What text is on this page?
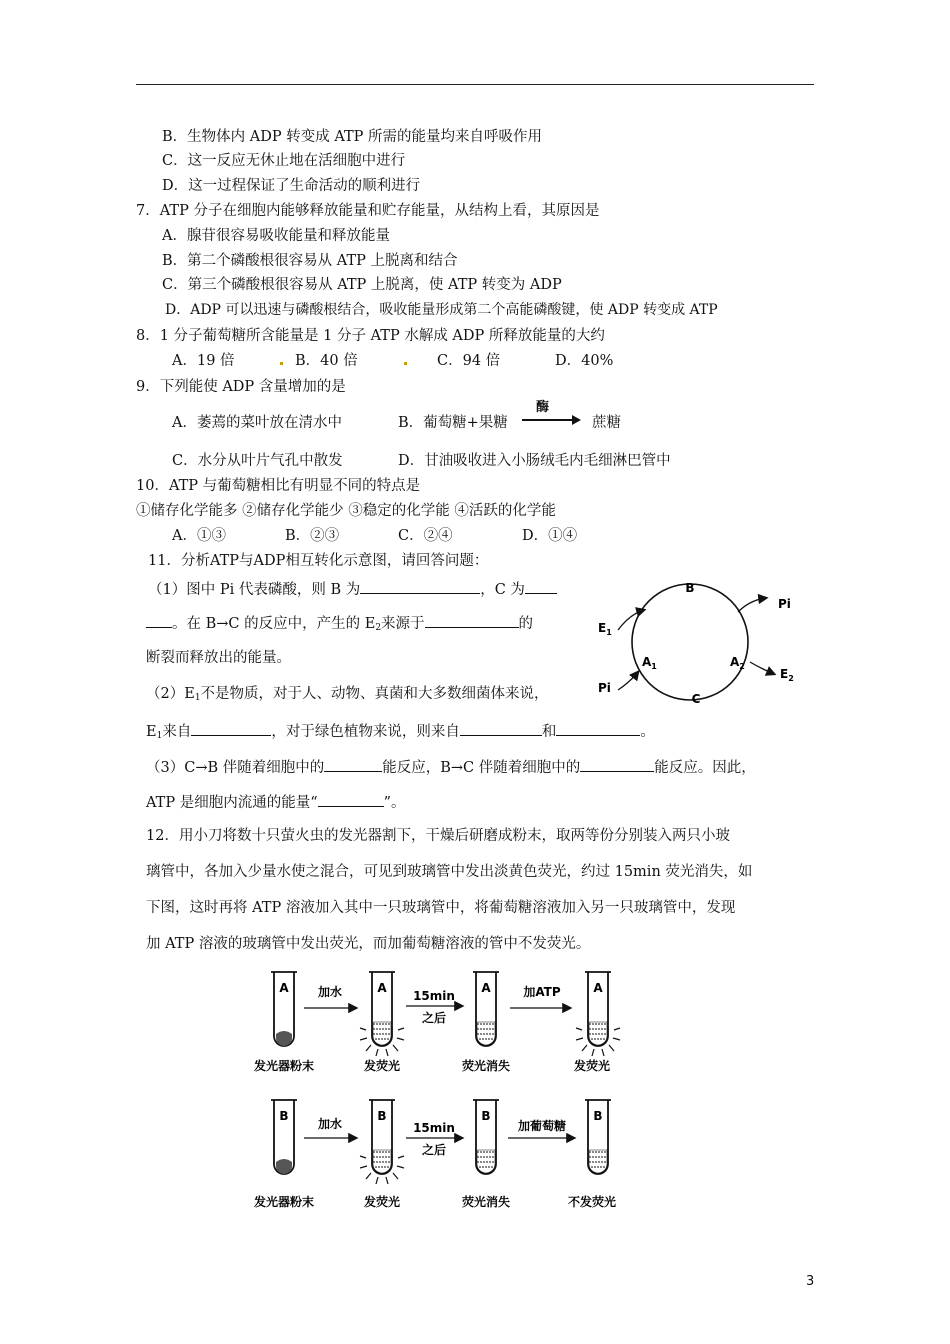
B．生物体内 ADP 转变成 ATP 所需的能量均来自呼吸作用
C．这一反应无休止地在活细胞中进行
D．这一过程保证了生命活动的顺利进行
7．ATP 分子在细胞内能够释放能量和贮存能量，从结构上看，其原因是
A．腺苷很容易吸收能量和释放能量
B．第二个磷酸根很容易从 ATP 上脱离和结合
C．第三个磷酸根很容易从 ATP 上脱离，使 ATP 转变为 ADP
D．ADP 可以迅速与磷酸根结合，吸收能量形成第二个高能磷酸键，使 ADP 转变成 ATP
8．1 分子葡萄糖所含能量是 1 分子 ATP 水解成 ADP 所释放能量的大约
A．19 倍	B．40 倍	C．94 倍	D．40%
9．下列能使 ADP 含量增加的是
A．萎蔫的菜叶放在清水中	B．葡萄糖+果糖
酶
→ 蔗糖
C．水分从叶片气孔中散发	D．甘油吸收进入小肠绒毛内毛细淋巴管中
10．ATP 与葡萄糖相比有明显不同的特点是
①储存化学能多 ②储存化学能少 ③稳定的化学能 ④活跃的化学能
A．①③	B．②③	C．②④	D．①④
11．分析ATP与ADP相互转化示意图，请回答问题：
（1）图中 Pi 代表磷酸，则 B 为	，C 为
。在 B→C 的反应中，产生的 $E_2$来源于	的
断裂而释放出的能量。
$(2)E_1$不是物质，对于人、动物、真菌和大多数细菌体来说，
$E_1$来自	，对于绿色植物来说，则来自	和	。
（3）C→B 伴随着细胞中的	能反应，B→C 伴随着细胞中的	能反应。因此，
ATP 是细胞内流通的能量“	”。
B
C
$A_1$	$A_2$
Pi
$E_1$
Pi
$E_2$
12．用小刀将数十只萤火虫的发光器割下，干燥后研磨成粉末，取两等份分别装入两只小玻
璃管中，各加入少量水使之混合，可见到玻璃管中发出淡黄色荧光，约过 15min 荧光消失，如
下图，这时再将 ATP 溶液加入其中一只玻璃管中，将葡萄糖溶液加入另一只玻璃管中，发现
加 ATP 溶液的玻璃管中发出荧光，而加葡萄糖溶液的管中不发荧光。
A	A	A	A
加水	15min
之后
加ATP
发光器粉末	发荧光	荧光消失	发荧光
B	B	B	B
加水	15min
之后
加葡萄糖
发光器粉末	发荧光	荧光消失	不发荧光
3
